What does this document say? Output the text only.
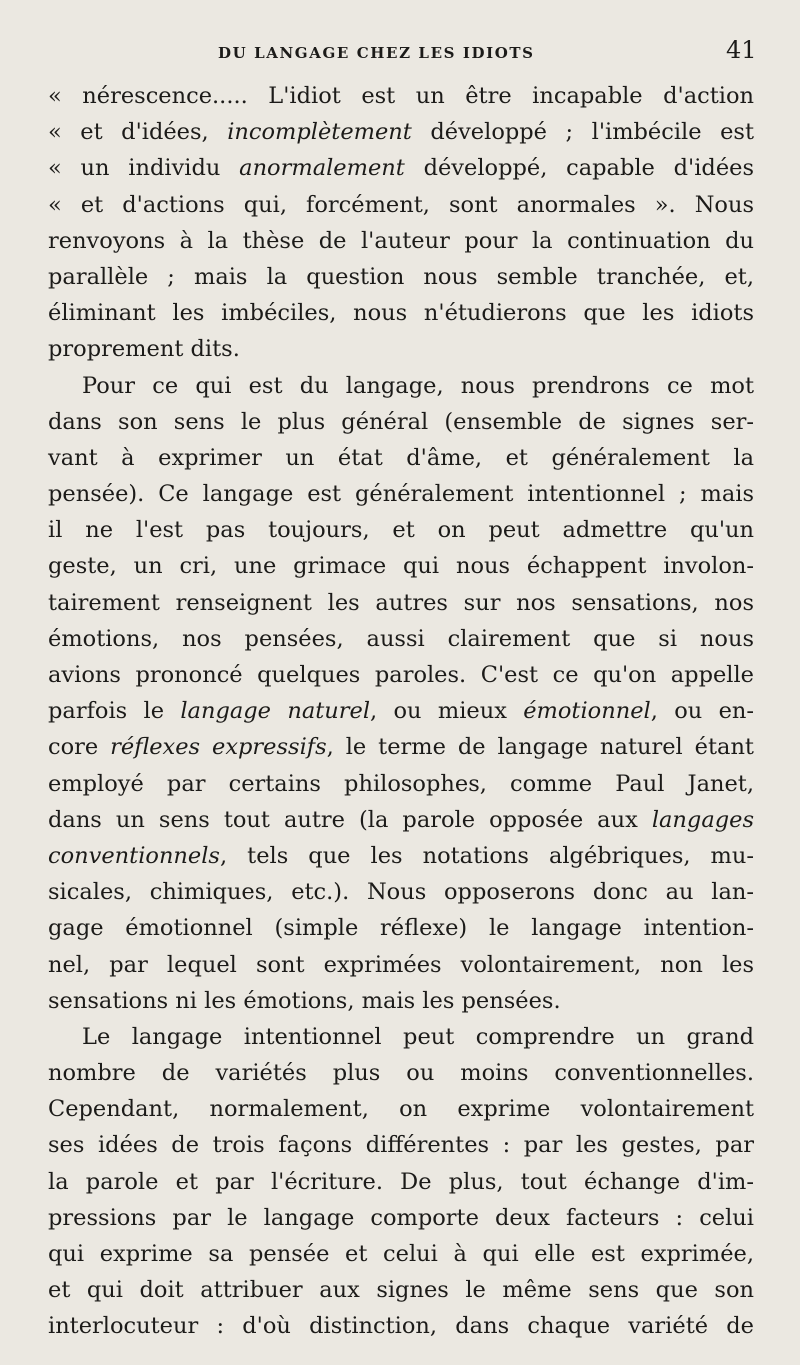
DU LANGAGE CHEZ LES IDIOTS	41
« nérescence..... L'idiot est un être incapable d'action
« et d'idées, incomplètement développé ; l'imbécile est
« un individu anormalement développé, capable d'idées
« et d'actions qui, forcément, sont anormales ». Nous
renvoyons à la thèse de l'auteur pour la continuation du
parallèle ; mais la question nous semble tranchée, et,
éliminant les imbéciles, nous n'étudierons que les idiots
proprement dits.
Pour ce qui est du langage, nous prendrons ce mot
dans son sens le plus général (ensemble de signes ser-
vant à exprimer un état d'âme, et généralement la
pensée). Ce langage est généralement intentionnel ; mais
il ne l'est pas toujours, et on peut admettre qu'un
geste, un cri, une grimace qui nous échappent involon-
tairement renseignent les autres sur nos sensations, nos
émotions, nos pensées, aussi clairement que si nous
avions prononcé quelques paroles. C'est ce qu'on appelle
parfois le langage naturel, ou mieux émotionnel, ou en-
core réflexes expressifs, le terme de langage naturel étant
employé par certains philosophes, comme Paul Janet,
dans un sens tout autre (la parole opposée aux langages
conventionnels, tels que les notations algébriques, mu-
sicales, chimiques, etc.). Nous opposerons donc au lan-
gage émotionnel (simple réflexe) le langage intention-
nel, par lequel sont exprimées volontairement, non les
sensations ni les émotions, mais les pensées.
Le langage intentionnel peut comprendre un grand
nombre de variétés plus ou moins conventionnelles.
Cependant, normalement, on exprime volontairement
ses idées de trois façons différentes : par les gestes, par
la parole et par l'écriture. De plus, tout échange d'im-
pressions par le langage comporte deux facteurs : celui
qui exprime sa pensée et celui à qui elle est exprimée,
et qui doit attribuer aux signes le même sens que son
interlocuteur : d'où distinction, dans chaque variété de
